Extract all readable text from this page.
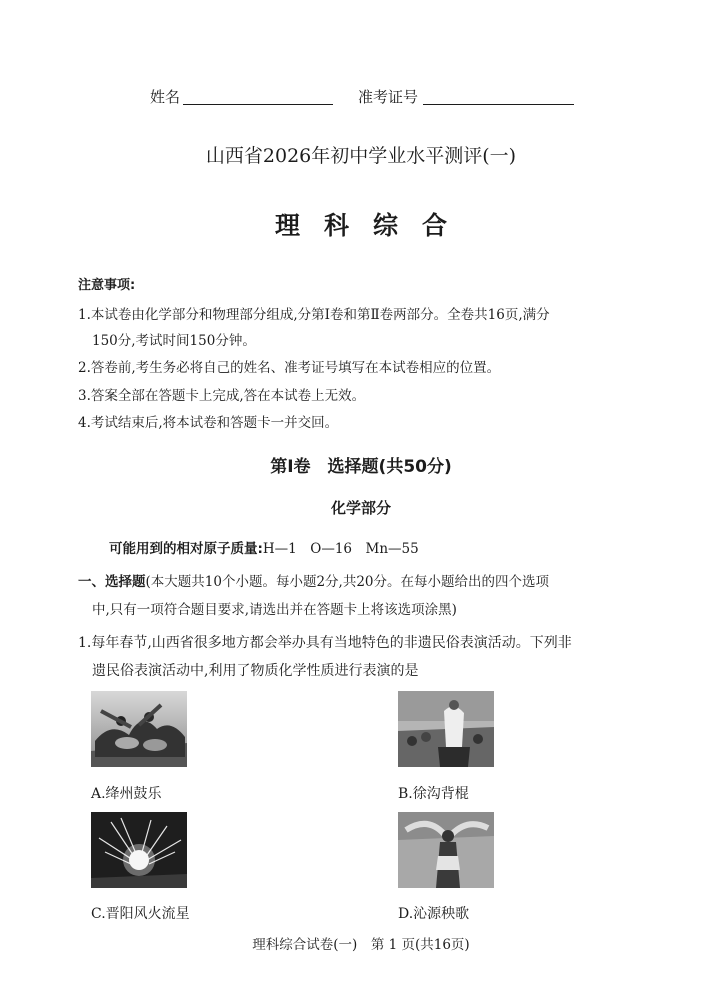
姓名	准考证号
山西省2026年初中学业水平测评(一)
理科综合
注意事项:
1.本试卷由化学部分和物理部分组成,分第Ⅰ卷和第Ⅱ卷两部分。全卷共16页,满分
150分,考试时间150分钟。
2.答卷前,考生务必将自己的姓名、准考证号填写在本试卷相应的位置。
3.答案全部在答题卡上完成,答在本试卷上无效。
4.考试结束后,将本试卷和答题卡一并交回。
第Ⅰ卷　选择题(共50分)
化学部分
可能用到的相对原子质量:H—1　O—16　Mn—55
一、选择题(本大题共10个小题。每小题2分,共20分。在每小题给出的四个选项
中,只有一项符合题目要求,请选出并在答题卡上将该选项涂黑)
1.每年春节,山西省很多地方都会举办具有当地特色的非遗民俗表演活动。下列非
遗民俗表演活动中,利用了物质化学性质进行表演的是
A.绛州鼓乐	B.徐沟背棍
C.晋阳风火流星	D.沁源秧歌
理科综合试卷(一)　第 1 页(共16页)
